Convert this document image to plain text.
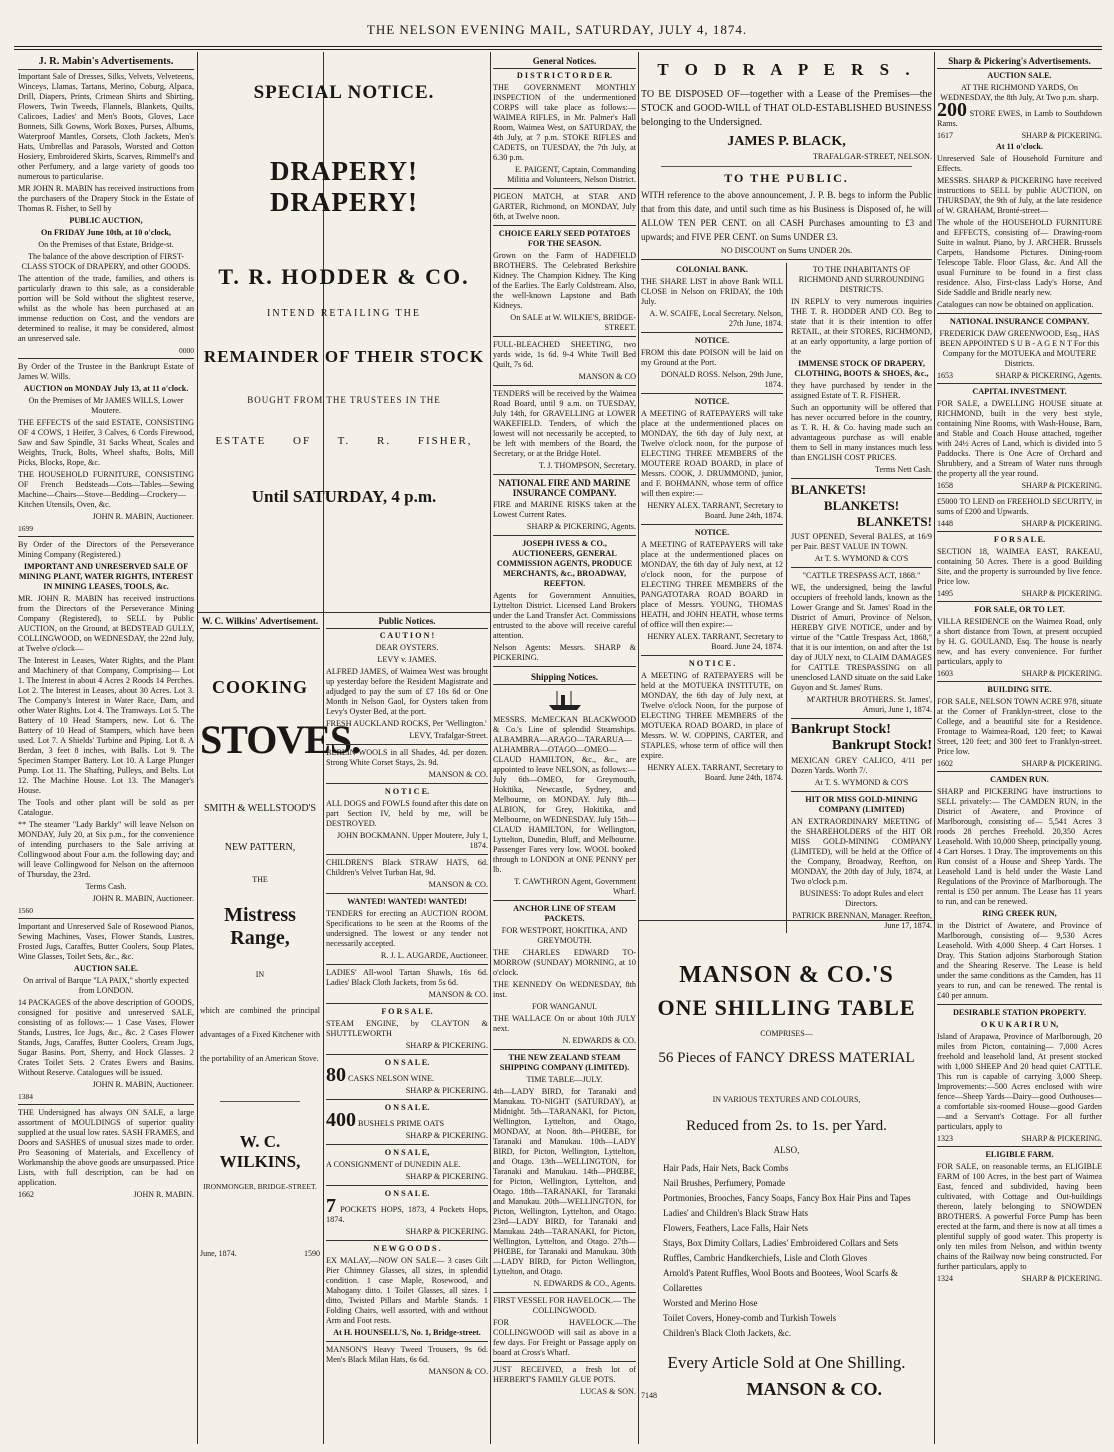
THE NELSON EVENING MAIL, SATURDAY, JULY 4, 1874.
J. R. Mabin's Advertisements.
Important Sale of Dresses, Silks, Velvets, Velveteens, Winceys, Llamas, Tartans, Merino, Coburg, Alpaca, Drill, Diapers, Prints, Crimean Shirts and Shirting, Flowers, Twin Tweeds, Flannels, Blankets, Quilts, Calicoes, Ladies' and Men's Boots, Gloves, Lace Bonnets, Silk Gowns, Work Boxes, Purses, Albums, Waterproof Mantles, Corsets, Cloth Jackets, Men's Hats, Umbrellas and Parasols, Worsted and Cotton Hosiery, Embroidered Skirts, Scarves, Rimmell's and other Perfumery, and a large variety of goods too numerous to particularise.
MR JOHN R. MABIN has received instructions from the purchasers of the Drapery Stock in the Estate of Thomas R. Fisher, to Sell by
PUBLIC AUCTION,
On FRIDAY June 10th, at 10 o'clock,
On the Premises of that Estate, Bridge-st.
The balance of the above description of FIRST-CLASS STOCK of DRAPERY, and other GOODS.
The attention of the trade, families, and others is particularly drawn to this sale, as a considerable portion will be Sold without the slightest reserve, whilst as the whole has been purchased at an immense reduction on Cost, and the vendors are determined to realise, it may be considered, almost an unreserved sale.
0000
By Order of the Trustee in the Bankrupt Estate of James W. Wills.
AUCTION on MONDAY July 13, at 11 o'clock.
On the Premises of Mr JAMES WILLS, Lower Moutere.
THE EFFECTS of the said ESTATE, CONSISTING OF 4 COWS, 1 Heifer, 3 Calves, 6 Cords Firewood, Saw and Saw Spindle, 31 Sacks Wheat, Scales and Weights, Truck, Bolts, Wheel shafts, Bolts, Mill Picks, Blocks, Rope, &c.
THE HOUSEHOLD FURNITURE, CONSISTING OF French Bedsteads—Cots—Tables—Sewing Machine—Chairs—Stove—Bedding—Crockery—Kitchen Utensils, Oven, &c.
JOHN R. MABIN, Auctioneer.
1699
By Order of the Directors of the Perseverance Mining Company (Registered.)
IMPORTANT AND UNRESERVED SALE OF MINING PLANT, WATER RIGHTS, INTEREST IN MINING LEASES, TOOLS, &c.
MR. JOHN R. MABIN has received instructions from the Directors of the Perseverance Mining Company (Registered), to SELL by Public AUCTION, on the Ground, at BEDSTEAD GULLY, COLLINGWOOD, on WEDNESDAY, the 22nd July, at Twelve o'clock—
The Interest in Leases, Water Rights, and the Plant and Machinery of that Company, Comprising— Lot 1. The Interest in about 4 Acres 2 Roods 14 Perches. Lot 2. The Interest in Leases, about 30 Acres. Lot 3. The Company's Interest in Water Race, Dam, and other Water Rights. Lot 4. The Tramways. Lot 5. The Battery of 10 Head Stampers, new. Lot 6. The Battery of 10 Head of Stampers, which have been used. Lot 7. A Shields' Turbine and Piping. Lot 8. A Berdan, 3 feet 8 inches, with Balls. Lot 9. The Specimen Stamper Battery. Lot 10. A Large Plunger Pump. Lot 11. The Shafting, Pulleys, and Belts. Lot 12. The Machine House. Lot 13. The Manager's House.
The Tools and other plant will be sold as per Catalogue.
** The steamer "Lady Barkly" will leave Nelson on MONDAY, July 20, at Six p.m., for the convenience of intending purchasers to the Sale arriving at Collingwood about Four a.m. the following day; and will leave Collingwood for Nelson on the afternoon of Thursday, the 23rd.
Terms Cash.
JOHN R. MABIN, Auctioneer.
1560
Important and Unreserved Sale of Rosewood Pianos, Sewing Machines, Vases, Flower Stands, Lustres, Frosted Jugs, Caraffes, Butter Coolers, Soup Plates, Wine Glasses, Toilet Sets, &c., &c.
AUCTION SALE.
On arrival of Barque "LA PAIX," shortly expected from LONDON.
14 PACKAGES of the above description of GOODS, consigned for positive and unreserved SALE, consisting of as follows:— 1 Case Vases, Flower Stands, Lustres, Ice Jugs, &c., &c. 2 Cases Flower Stands, Jugs, Caraffes, Butter Coolers, Cream Jugs, Sugar Basins. Port, Sherry, and Hock Glasses. 2 Crates Toilet Sets. 2 Crates Ewers and Basins. Without Reserve. Catalogues will be issued.
JOHN R. MABIN, Auctioneer.
1384
THE Undersigned has always ON SALE, a large assortment of MOULDINGS of superior quality supplied at the usual low rates. SASH FRAMES, and Doors and SASHES of unusual sizes made to order. Pro Seasoning of Materials, and Excellency of Workmanship the above goods are unsurpassed. Price Lists, with full description, can be had on application.
1662	JOHN R. MABIN.
SPECIAL NOTICE.
DRAPERY! DRAPERY!
T. R. HODDER & CO.
INTEND RETAILING THE
REMAINDER OF THEIR STOCK
BOUGHT FROM THE TRUSTEES IN THE
ESTATE OF T. R. FISHER,
Until SATURDAY, 4 p.m.
W. C. Wilkins' Advertisement.
COOKING
STOVES.
SMITH & WELLSTOOD'S
NEW PATTERN,
THE
Mistress Range,
IN
which are combined the principal advantages of a Fixed Kitchener with the portability of an American Stove.
W. C. WILKINS,
IRONMONGER, BRIDGE-STREET.
June, 1874.	1590
Public Notices.
C A U T I O N !
DEAR OYSTERS.
LEVY v. JAMES.
ALFRED JAMES, of Waimea West was brought up yesterday before the Resident Magistrate and adjudged to pay the sum of £7 10s 6d or One Month in Nelson Gaol, for Oysters taken from Levy's Oyster Bed, at the port.
FRESH AUCKLAND ROCKS, Per 'Wellington.'
LEVY, Trafalgar-Street.
BERLIN WOOLS in all Shades, 4d. per dozen. Strong White Corset Stays, 2s. 9d.
MANSON & CO.
N O T I C E.
ALL DOGS and FOWLS found after this date on part Section IV, held by me, will be DESTROYED.
JOHN BOCKMANN. Upper Moutere, July 1, 1874.
CHILDREN'S Black STRAW HATS, 6d. Children's Velvet Turban Hat, 9d.
MANSON & CO.
WANTED! WANTED! WANTED!
TENDERS for erecting an AUCTION ROOM. Specifications to be seen at the Rooms of the undersigned. The lowest or any tender not necessarily accepted.
R. J. L. AUGARDE, Auctioneer.
LADIES' All-wool Tartan Shawls, 16s 6d. Ladies' Black Cloth Jackets, from 5s 6d.
MANSON & CO.
F O R S A L E.
STEAM ENGINE, by CLAYTON & SHUTTLEWORTH
SHARP & PICKERING.
O N S A L E.
80 CASKS NELSON WINE.
SHARP & PICKERING.
O N S A L E.
400 BUSHELS PRIME OATS
SHARP & PICKERING.
O N S A L E,
A CONSIGNMENT of DUNEDIN ALE.
SHARP & PICKERING.
O N S A L E.
7 POCKETS HOPS, 1873, 4 Pockets Hops, 1874.
SHARP & PICKERING.
N E W G O O D S .
EX MALAY,—NOW ON SALE— 3 cases Gilt Pier Chimney Glasses, all sizes, in splendid condition. 1 case Maple, Rosewood, and Mahogany ditto. 1 Toilet Glasses, all sizes. 1 ditto, Twisted Pillars and Marble Stands. 1 Folding Chairs, well assorted, with and without Arm and Foot rests.
At H. HOUNSELL'S, No. 1, Bridge-street.
MANSON'S Heavy Tweed Trousers, 9s 6d. Men's Black Milan Hats, 6s 6d.
MANSON & CO.
General Notices.
D I S T R I C T O R D E R.
THE GOVERNMENT MONTHLY INSPECTION of the undermentioned CORPS will take place as follows:— WAIMEA RIFLES, in Mr. Palmer's Hall Room, Waimea West, on SATURDAY, the 4th July, at 7 p.m. STOKE RIFLES and CADETS, on TUESDAY, the 7th July, at 6.30 p.m.
E. PAIGENT, Captain, Commanding Militia and Volunteers, Nelson District.
PIGEON MATCH, at STAR AND GARTER, Richmond, on MONDAY, July 6th, at Twelve noon.
CHOICE EARLY SEED POTATOES FOR THE SEASON.
Grown on the Farm of HADFIELD BROTHERS. The Celebrated Berkshire Kidney. The Champion Kidney. The King of the Earlies. The Early Coldstream. Also, the well-known Lapstone and Bath Kidneys.
On SALE at W. WILKIE'S, BRIDGE-STREET.
FULL-BLEACHED SHEETING, two yards wide, 1s 6d. 9-4 White Twill Bed Quilt, 7s 6d.
MANSON & CO
TENDERS will be received by the Waimea Road Board, until 9 a.m. on TUESDAY, July 14th, for GRAVELLING at LOWER WAKEFIELD. Tenders, of which the lowest will not necessarily be accepted, to be left with members of the Board, the Secretary, or at the Bridge Hotel.
T. J. THOMPSON, Secretary.
NATIONAL FIRE AND MARINE INSURANCE COMPANY.
FIRE and MARINE RISKS taken at the Lowest Current Rates.
SHARP & PICKERING, Agents.
JOSEPH IVESS & CO., AUCTIONEERS, GENERAL COMMISSION AGENTS, PRODUCE MERCHANTS, &c., BROADWAY, REEFTON.
Agents for Government Annuities, Lyttelton District. Licensed Land Brokers under the Land Transfer Act. Commissions entrusted to the above will receive careful attention.
Nelson Agents: Messrs. SHARP & PICKERING.
Shipping Notices.
MESSRS. McMECKAN BLACKWOOD & Co.'s Line of splendid Steamships. ALBAMBRA—ARAGO—TARARUA—ALHAMBRA—OTAGO—OMEO—CLAUD HAMILTON, &c., &c., are appointed to leave NELSON, as follows:— July 6th—OMEO, for Greymouth, Hokitika, Newcastle, Sydney, and Melbourne, on MONDAY. July 8th—ALBION, for Grey, Hokitika, and Melbourne, on WEDNESDAY. July 15th—CLAUD HAMILTON, for Wellington, Lyttelton, Dunedin, Bluff, and Melbourne. Passenger Fares very low. WOOL booked through to LONDON at ONE PENNY per lb.
T. CAWTHRON Agent, Government Wharf.
ANCHOR LINE OF STEAM PACKETS.
FOR WESTPORT, HOKITIKA, AND GREYMOUTH.
THE CHARLES EDWARD TO-MORROW (SUNDAY) MORNING, at 10 o'clock.
THE KENNEDY On WEDNESDAY, 8th inst.
FOR WANGANUI.
THE WALLACE On or about 10th JULY next.
N. EDWARDS & CO.
THE NEW ZEALAND STEAM SHIPPING COMPANY (LIMITED).
TIME TABLE—JULY.
4th—LADY BIRD, for Taranaki and Manukau. TO-NIGHT (SATURDAY), at Midnight. 5th—TARANAKI, for Picton, Wellington, Lyttelton, and Otago, MONDAY, at Noon. 8th—PHŒBE, for Taranaki and Manukau. 10th—LADY BIRD, for Picton, Wellington, Lyttelton, and Otago. 13th—WELLINGTON, for Taranaki and Manukau. 14th—PHŒBE, for Picton, Wellington, Lyttelton, and Otago. 18th—TARANAKI, for Taranaki and Manukau. 20th—WELLINGTON, for Picton, Wellington, Lyttelton, and Otago. 23rd—LADY BIRD, for Taranaki and Manukau. 24th—TARANAKI, for Picton, Wellington, Lyttelton, and Otago. 27th—PHŒBE, for Taranaki and Manukau. 30th—LADY BIRD, for Picton Wellington, Lyttelton, and Otago.
N. EDWARDS & CO., Agents.
FIRST VESSEL FOR HAVELOCK.— The COLLINGWOOD.
FOR HAVELOCK.—The COLLINGWOOD will sail as above in a few days. For Freight or Passage apply on board at Cross's Wharf.
JUST RECEIVED, a fresh lot of HERBERT'S FAMILY GLUE POTS.
LUCAS & SON.
T O D R A P E R S .
TO BE DISPOSED OF—together with a Lease of the Premises—the STOCK and GOOD-WILL of THAT OLD-ESTABLISHED BUSINESS belonging to the Undersigned.
JAMES P. BLACK,
TRAFALGAR-STREET, NELSON.
TO THE PUBLIC.
WITH reference to the above announcement, J. P. B. begs to inform the Public that from this date, and until such time as his Business is Disposed of, he will ALLOW TEN PER CENT. on all CASH Purchases amounting to £3 and upwards; and FIVE PER CENT. on Sums UNDER £3.
NO DISCOUNT on Sums UNDER 20s.
COLONIAL BANK.
THE SHARE LIST in above Bank WILL CLOSE in Nelson on FRIDAY, the 10th July.
A. W. SCAIFE, Local Secretary. Nelson, 27th June, 1874.
NOTICE.
FROM this date POISON will be laid on my Ground at the Port.
DONALD ROSS. Nelson, 29th June, 1874.
NOTICE.
A MEETING of RATEPAYERS will take place at the undermentioned places on MONDAY, the 6th day of July next, at Twelve o'clock noon, for the purpose of ELECTING THREE MEMBERS of the MOUTERE ROAD BOARD, in place of Messrs. COOK, J. DRUMMOND, junior, and F. BOHMANN, whose term of office will then expire:—
HENRY ALEX. TARRANT, Secretary to Board. June 24th, 1874.
NOTICE.
A MEETING of RATEPAYERS will take place at the undermentioned places on MONDAY, the 6th day of July next, at 12 o'clock noon, for the purpose of ELECTING THREE MEMBERS of the PANGATOTARA ROAD BOARD in place of Messrs. YOUNG, THOMAS HEATH, and JOHN HEATH, whose terms of office will then expire:—
HENRY ALEX. TARRANT, Secretary to Board. June 24, 1874.
N O T I C E .
A MEETING of RATEPAYERS will be held at the MOTUEKA INSTITUTE, on MONDAY, the 6th day of July next, at Twelve o'clock Noon, for the purpose of ELECTING THREE MEMBERS of the MOTUEKA ROAD BOARD, in place of Messrs. W. W. COPPINS, CARTER, and STAPLES, whose term of office will then expire.
HENRY ALEX. TARRANT, Secretary to Board. June 24th, 1874.
TO THE INHABITANTS OF RICHMOND AND SURROUNDING DISTRICTS.
IN REPLY to very numerous inquiries THE T. R. HODDER AND CO. Beg to state that it is their intention to offer RETAIL, at their STORES, RICHMOND, at an early opportunity, a large portion of the
IMMENSE STOCK OF DRAPERY, CLOTHING, BOOTS & SHOES, &c.,
they have purchased by tender in the assigned Estate of T. R. FISHER.
Such an opportunity will be offered that has never occurred before in the country, as T. R. H. & Co. having made such an advantageous purchase as will enable them to Sell in many instances much less than ENGLISH COST PRICES.
Terms Nett Cash.
BLANKETS!
BLANKETS!
BLANKETS!
JUST OPENED, Several BALES, at 16/9 per Pair. BEST VALUE IN TOWN.
At T. S. WYMOND & CO'S
"CATTLE TRESPASS ACT, 1868."
WE, the undersigned, being the lawful occupiers of freehold lands, known as the Lower Grange and St. James' Road in the District of Amuri, Province of Nelson, HEREBY GIVE NOTICE, under and by virtue of the "Cattle Trespass Act, 1868," that it is our intention, on and after the 1st day of JULY next, to CLAIM DAMAGES for CATTLE TRESPASSING on all unenclosed LAND situate on the said Lake Guyon and St. James' Runs.
M'ARTHUR BROTHERS. St. James', Amuri, June 1, 1874.
Bankrupt Stock!
Bankrupt Stock!
MEXICAN GREY CALICO, 4/11 per Dozen Yards. Worth 7/.
At T. S. WYMOND & CO'S
HIT OR MISS GOLD-MINING COMPANY (LIMITED)
AN EXTRAORDINARY MEETING of the SHAREHOLDERS of the HIT OR MISS GOLD-MINING COMPANY (LIMITED), will be held at the Office of the Company, Broadway, Reefton, on MONDAY, the 20th day of July, 1874, at Two o'clock p.m.
BUSINESS: To adopt Rules and elect Directors.
PATRICK BRENNAN, Manager. Reefton, June 17, 1874.
MANSON & CO.'S
ONE SHILLING TABLE
COMPRISES—
56 Pieces of FANCY DRESS MATERIAL
IN VARIOUS TEXTURES AND COLOURS,
Reduced from 2s. to 1s. per Yard.
ALSO,
Hair Pads, Hair Nets, Back Combs
Nail Brushes, Perfumery, Pomade
Portmonies, Brooches, Fancy Soaps, Fancy Box Hair Pins and Tapes
Ladies' and Children's Black Straw Hats
Flowers, Feathers, Lace Falls, Hair Nets
Stays, Box Dimity Collars, Ladies' Embroidered Collars and Sets
Ruffles, Cambric Handkerchiefs, Lisle and Cloth Gloves
Arnold's Patent Ruffles, Wool Boots and Bootees, Wool Scarfs & Collarettes
Worsted and Merino Hose
Toilet Covers, Honey-comb and Turkish Towels
Children's Black Cloth Jackets, &c.
Every Article Sold at One Shilling.
7148	MANSON & CO.
Sharp & Pickering's Advertisements.
AUCTION SALE.
AT THE RICHMOND YARDS, On WEDNESDAY, the 8th July, At Two p.m. sharp.
200 STORE EWES, in Lamb to Southdown Rams.
1617	SHARP & PICKERING.
At 11 o'clock.
Unreserved Sale of Household Furniture and Effects.
MESSRS. SHARP & PICKERING have received instructions to SELL by public AUCTION, on THURSDAY, the 9th of July, at the late residence of W. GRAHAM, Bronté-street—
The whole of the HOUSEHOLD FURNITURE and EFFECTS, consisting of— Drawing-room Suite in walnut. Piano, by J. ARCHER. Brussels Carpets, Handsome Pictures. Dining-room Telescope Table. Floor Glass, &c. And All the usual Furniture to be found in a first class residence. Also, First-class Lady's Horse, And Side Saddle and Bridle nearly new.
Catalogues can now be obtained on application.
NATIONAL INSURANCE COMPANY.
FREDERICK DAW GREENWOOD, Esq., HAS BEEN APPOINTED S U B - A G E N T For this Company for the MOTUEKA and MOUTERE Districts.
1653	SHARP & PICKERING, Agents.
CAPITAL INVESTMENT.
FOR SALE, a DWELLING HOUSE situate at RICHMOND, built in the very best style, containing Nine Rooms, with Wash-House, Barn, and Stable and Coach House attached, together with 24½ Acres of Land, which is divided into 5 Paddocks. There is One Acre of Orchard and Shrubbery, and a Stream of Water runs through the property all the year round.
1658	SHARP & PICKERING.
£5000 TO LEND on FREEHOLD SECURITY, in sums of £200 and Upwards.
1448	SHARP & PICKERING.
F O R S A L E.
SECTION 18, WAIMEA EAST, RAKEAU, containing 50 Acres. There is a good Building Site, and the property is surrounded by live fence. Price low.
1495	SHARP & PICKERING.
FOR SALE, OR TO LET.
VILLA RESIDENCE on the Waimea Road, only a short distance from Town, at present occupied by H. G. GOULAND, Esq. The house is nearly new, and has every convenience. For further particulars, apply to
1603	SHARP & PICKERING.
BUILDING SITE.
FOR SALE, NELSON TOWN ACRE 978, situate at the Corner of Franklyn-street, close to the College, and a beautiful site for a Residence. Frontage to Waimea-Road, 120 feet; to Kawai Street, 120 feet; and 300 feet to Franklyn-street. Price low.
1602	SHARP & PICKERING.
CAMDEN RUN.
SHARP and PICKERING have instructions to SELL privately:— The CAMDEN RUN, in the District of Awatere, and Province of Marlborough, consisting of— 5,541 Acres 3 roods 28 perches Freehold. 20,350 Acres Leasehold. With 10,000 Sheep, principally young. 4 Cart Horses. 1 Dray. The improvements on this Run consist of a House and Sheep Yards. The Leasehold Land is held under the Waste Land Regulations of the Province of Marlborough. The rental is £50 per annum. The Lease has 11 years to run, and can be renewed.
RING CREEK RUN,
in the District of Awatere, and Province of Marlborough, consisting of— 9,530 Acres Leasehold. With 4,000 Sheep. 4 Cart Horses. 1 Dray. This Station adjoins Starborough Station and the Shearing Reserve. The Lease is held under the same conditions as the Camden, has 11 years to run, and can be renewed. The rental is £40 per annum.
DESIRABLE STATION PROPERTY.
O K U K A R I R U N,
Island of Arapawa, Province of Marlborough, 20 miles from Picton, containing— 7,000 Acres freehold and leasehold land, At present stocked with 1,000 SHEEP And 20 head quiet CATTLE. This run is capable of carrying 3,000 Sheep. Improvements:—500 Acres enclosed with wire fence—Sheep Yards—Dairy—good Outhouses—a comfortable six-roomed House—good Garden—and a Servant's Cottage. For all further particulars, apply to
1323	SHARP & PICKERING.
ELIGIBLE FARM.
FOR SALE, on reasonable terms, an ELIGIBLE FARM of 100 Acres, in the best part of Waimea East, fenced and subdivided, having been cultivated, with Cottage and Out-buildings thereon, lately belonging to SNOWDEN BROTHERS. A powerful Force Pump has been erected at the farm, and there is now at all times a plentiful supply of good water. This property is only ten miles from Nelson, and within twenty chains of the Railway now being constructed. For further particulars, apply to
1324	SHARP & PICKERING.
